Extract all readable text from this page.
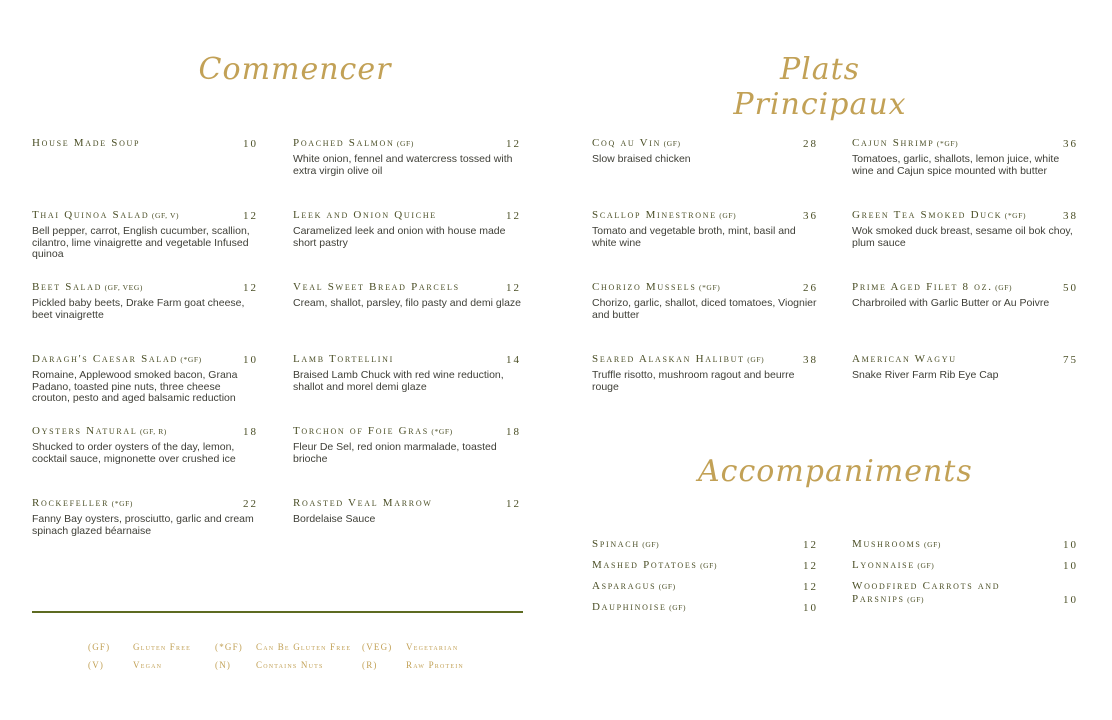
Commencer	Plats Principaux
House Made Soup	10
Thai Quinoa Salad (GF, V)	12
Bell pepper, carrot, English cucumber, scallion, cilantro, lime vinaigrette and vegetable Infused quinoa
Beet Salad (GF, VEG)	12
Pickled baby beets, Drake Farm goat cheese, beet vinaigrette
Daragh's Caesar Salad (*GF)	10
Romaine, Applewood smoked bacon, Grana Padano, toasted pine nuts, three cheese crouton, pesto and aged balsamic reduction
Oysters Natural (GF, R)	18
Shucked to order oysters of the day, lemon, cocktail sauce, mignonette over crushed ice
Rockefeller (*GF)	22
Fanny Bay oysters, prosciutto, garlic and cream spinach glazed béarnaise
Poached Salmon (GF)	12
White onion, fennel and watercress tossed with extra virgin olive oil
Leek and Onion Quiche	12
Caramelized leek and onion with house made short pastry
Veal Sweet Bread Parcels	12
Cream, shallot, parsley, filo pasty and demi glaze
Lamb Tortellini	14
Braised Lamb Chuck with red wine reduction, shallot and morel demi glaze
Torchon of Foie Gras (*GF)	18
Fleur De Sel, red onion marmalade, toasted brioche
Roasted Veal Marrow	12
Bordelaise Sauce
Coq au Vin (GF)	28
Slow braised chicken
Scallop Minestrone (GF)	36
Tomato and vegetable broth, mint, basil and white wine
Chorizo Mussels (*GF)	26
Chorizo, garlic, shallot, diced tomatoes, Viognier and butter
Seared Alaskan Halibut (GF)	38
Truffle risotto, mushroom ragout and beurre rouge
Cajun Shrimp (*GF)	36
Tomatoes, garlic, shallots, lemon juice, white wine and Cajun spice mounted with butter
Green Tea Smoked Duck (*GF)	38
Wok smoked duck breast, sesame oil bok choy, plum sauce
Prime Aged Filet 8 oz. (GF)	50
Charbroiled with Garlic Butter or Au Poivre
American Wagyu	75
Snake River Farm Rib Eye Cap
Accompaniments
Spinach (GF)	12
Mashed Potatoes (GF)	12
Asparagus (GF)	12
Dauphinoise (GF)	10
Mushrooms (GF)	10
Lyonnaise (GF)	10
Woodfired Carrots and Parsnips (GF)	10
(GF)	Gluten Free	(*GF)	Can Be Gluten Free	(VEG)	Vegetarian
(V)	Vegan	(N)	Contains Nuts	(R)	Raw Protein
